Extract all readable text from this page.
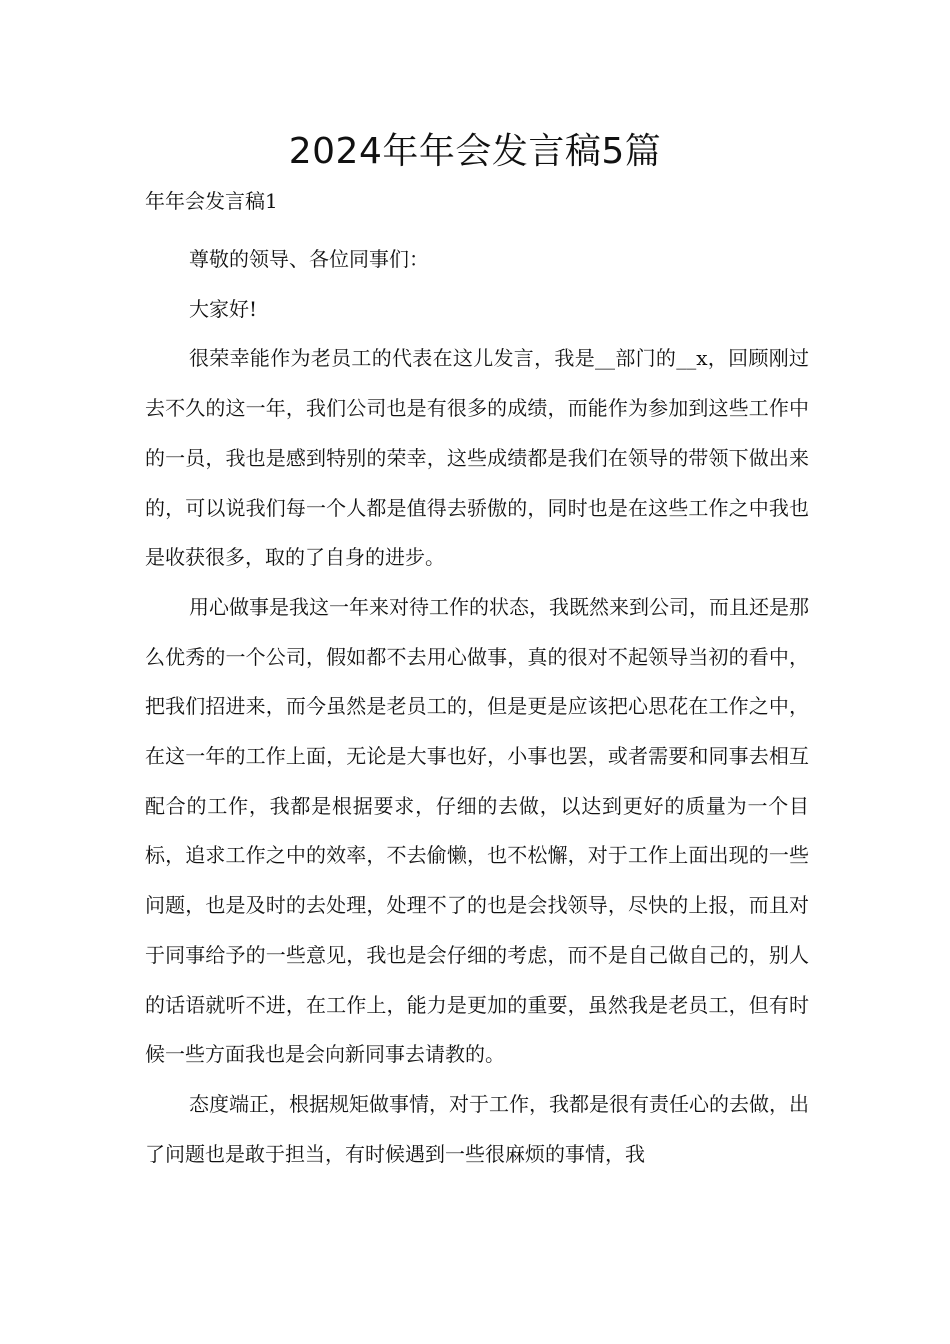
2024年年会发言稿5篇
年年会发言稿1

尊敬的领导、各位同事们：

大家好!

很荣幸能作为老员工的代表在这儿发言，我是__部门的__x，回顾刚过去不久的这一年，我们公司也是有很多的成绩，而能作为参加到这些工作中的一员，我也是感到特别的荣幸，这些成绩都是我们在领导的带领下做出来的，可以说我们每一个人都是值得去骄傲的，同时也是在这些工作之中我也是收获很多，取的了自身的进步。

用心做事是我这一年来对待工作的状态，我既然来到公司，而且还是那么优秀的一个公司，假如都不去用心做事，真的很对不起领导当初的看中，把我们招进来，而今虽然是老员工的，但是更是应该把心思花在工作之中，在这一年的工作上面，无论是大事也好，小事也罢，或者需要和同事去相互配合的工作，我都是根据要求，仔细的去做，以达到更好的质量为一个目标，追求工作之中的效率，不去偷懒，也不松懈，对于工作上面出现的一些问题，也是及时的去处理，处理不了的也是会找领导，尽快的上报，而且对于同事给予的一些意见，我也是会仔细的考虑，而不是自己做自己的，别人的话语就听不进，在工作上，能力是更加的重要，虽然我是老员工，但有时候一些方面我也是会向新同事去请教的。

态度端正，根据规矩做事情，对于工作，我都是很有责任心的去做，出了问题也是敢于担当，有时候遇到一些很麻烦的事情，我
